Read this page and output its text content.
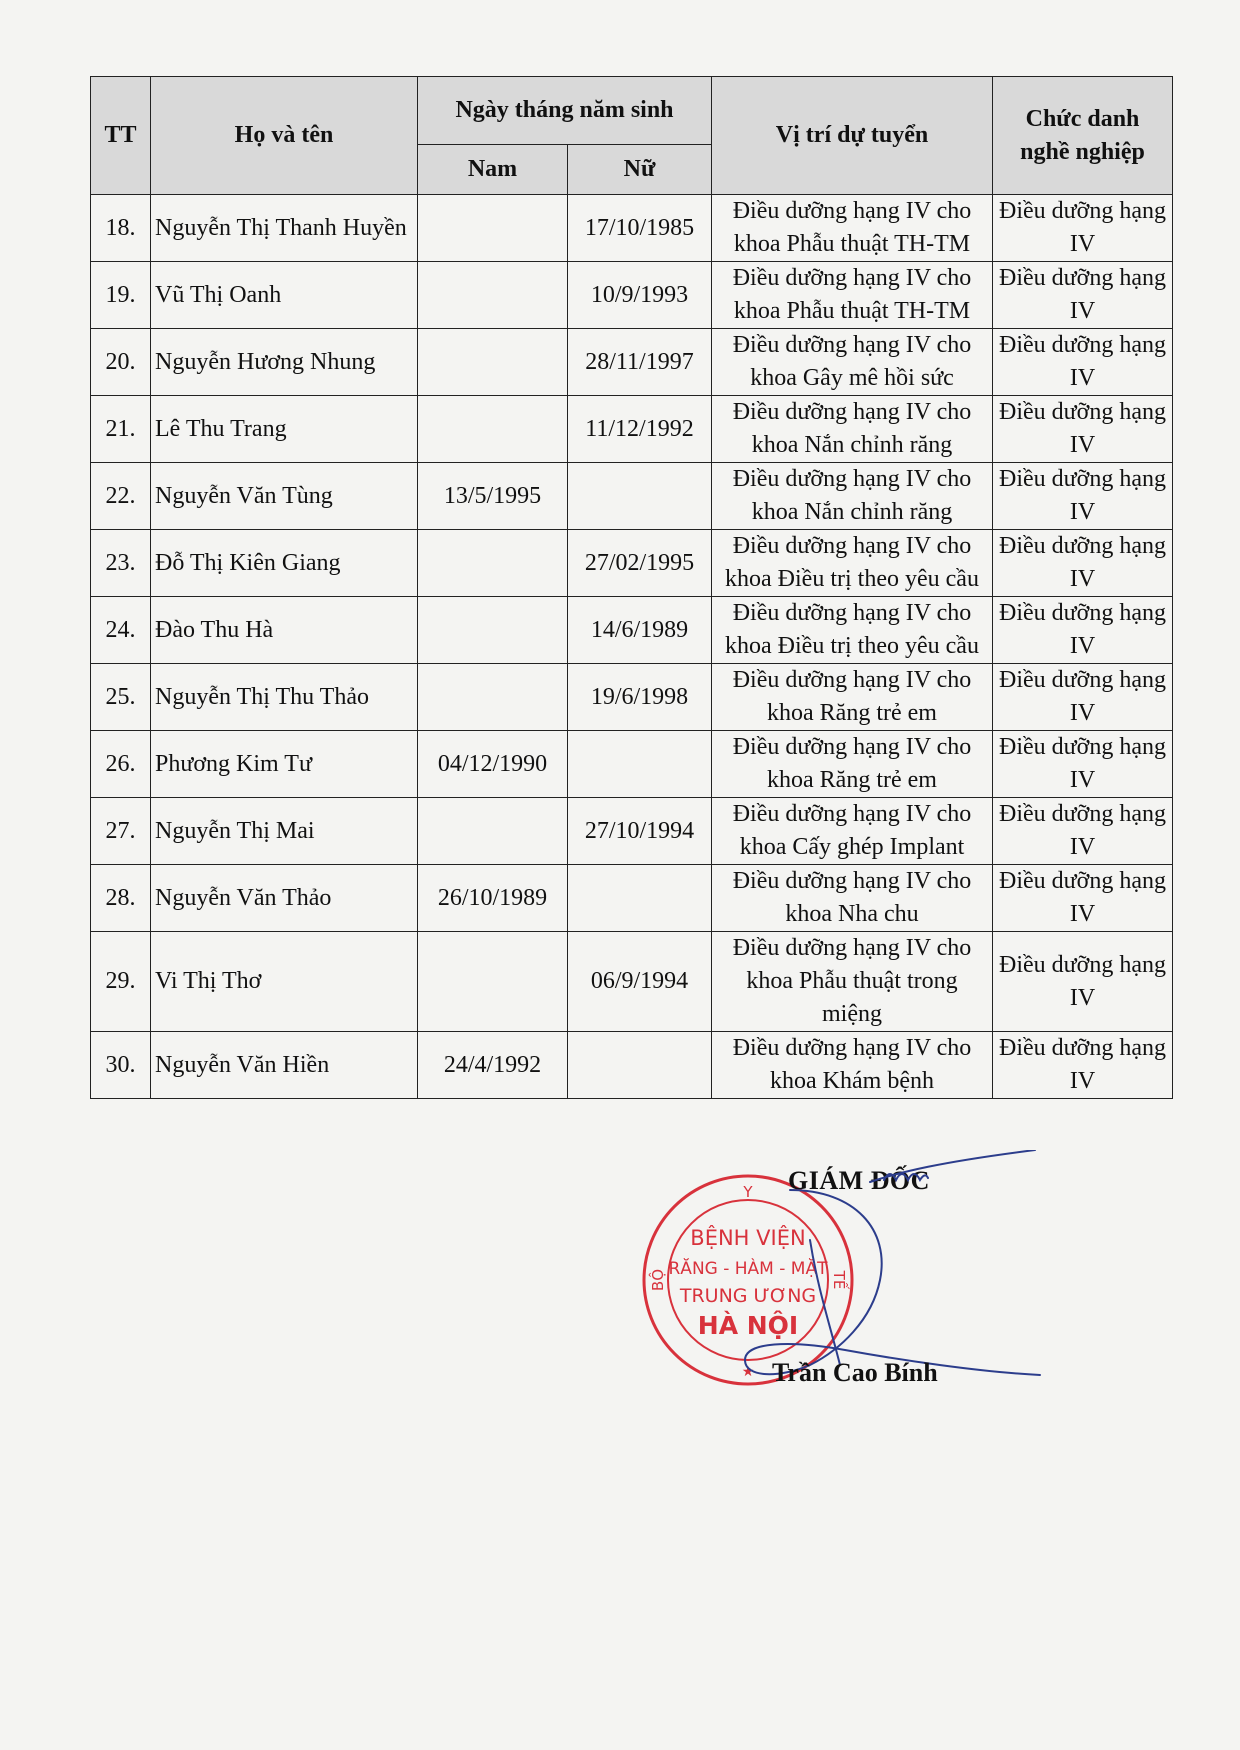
TT	Họ và tên	Ngày tháng năm sinh		Vị trí dự tuyển	Chức danh
nghề nghiệp
		Nam	Nữ		
18.	Nguyễn Thị Thanh Huyền		17/10/1985	Điều dưỡng hạng IV cho khoa Phẫu thuật TH-TM	Điều dưỡng hạng IV
19.	Vũ Thị Oanh		10/9/1993	Điều dưỡng hạng IV cho khoa Phẫu thuật TH-TM	Điều dưỡng hạng IV
20.	Nguyễn Hương Nhung		28/11/1997	Điều dưỡng hạng IV cho khoa Gây mê hồi sức	Điều dưỡng hạng IV
21.	Lê Thu Trang		11/12/1992	Điều dưỡng hạng IV cho khoa Nắn chỉnh răng	Điều dưỡng hạng IV
22.	Nguyễn Văn Tùng	13/5/1995		Điều dưỡng hạng IV cho khoa Nắn chỉnh răng	Điều dưỡng hạng IV
23.	Đỗ Thị Kiên Giang		27/02/1995	Điều dưỡng hạng IV cho khoa Điều trị theo yêu cầu	Điều dưỡng hạng IV
24.	Đào Thu Hà		14/6/1989	Điều dưỡng hạng IV cho khoa Điều trị theo yêu cầu	Điều dưỡng hạng IV
25.	Nguyễn Thị Thu Thảo		19/6/1998	Điều dưỡng hạng IV cho khoa Răng trẻ em	Điều dưỡng hạng IV
26.	Phương Kim Tư	04/12/1990		Điều dưỡng hạng IV cho khoa Răng trẻ em	Điều dưỡng hạng IV
27.	Nguyễn Thị Mai		27/10/1994	Điều dưỡng hạng IV cho khoa Cấy ghép Implant	Điều dưỡng hạng IV
28.	Nguyễn Văn Thảo	26/10/1989		Điều dưỡng hạng IV cho khoa Nha chu	Điều dưỡng hạng IV
29.	Vi Thị Thơ		06/9/1994	Điều dưỡng hạng IV cho khoa Phẫu thuật trong miệng	Điều dưỡng hạng IV
30.	Nguyễn Văn Hiền	24/4/1992		Điều dưỡng hạng IV cho khoa Khám bệnh	Điều dưỡng hạng IV
Y
BỘ	TẾ
BỆNH VIỆN
RĂNG - HÀM - MẶT
TRUNG ƯƠNG
HÀ NỘI
★
GIÁM ĐỐC
Trần Cao Bính
